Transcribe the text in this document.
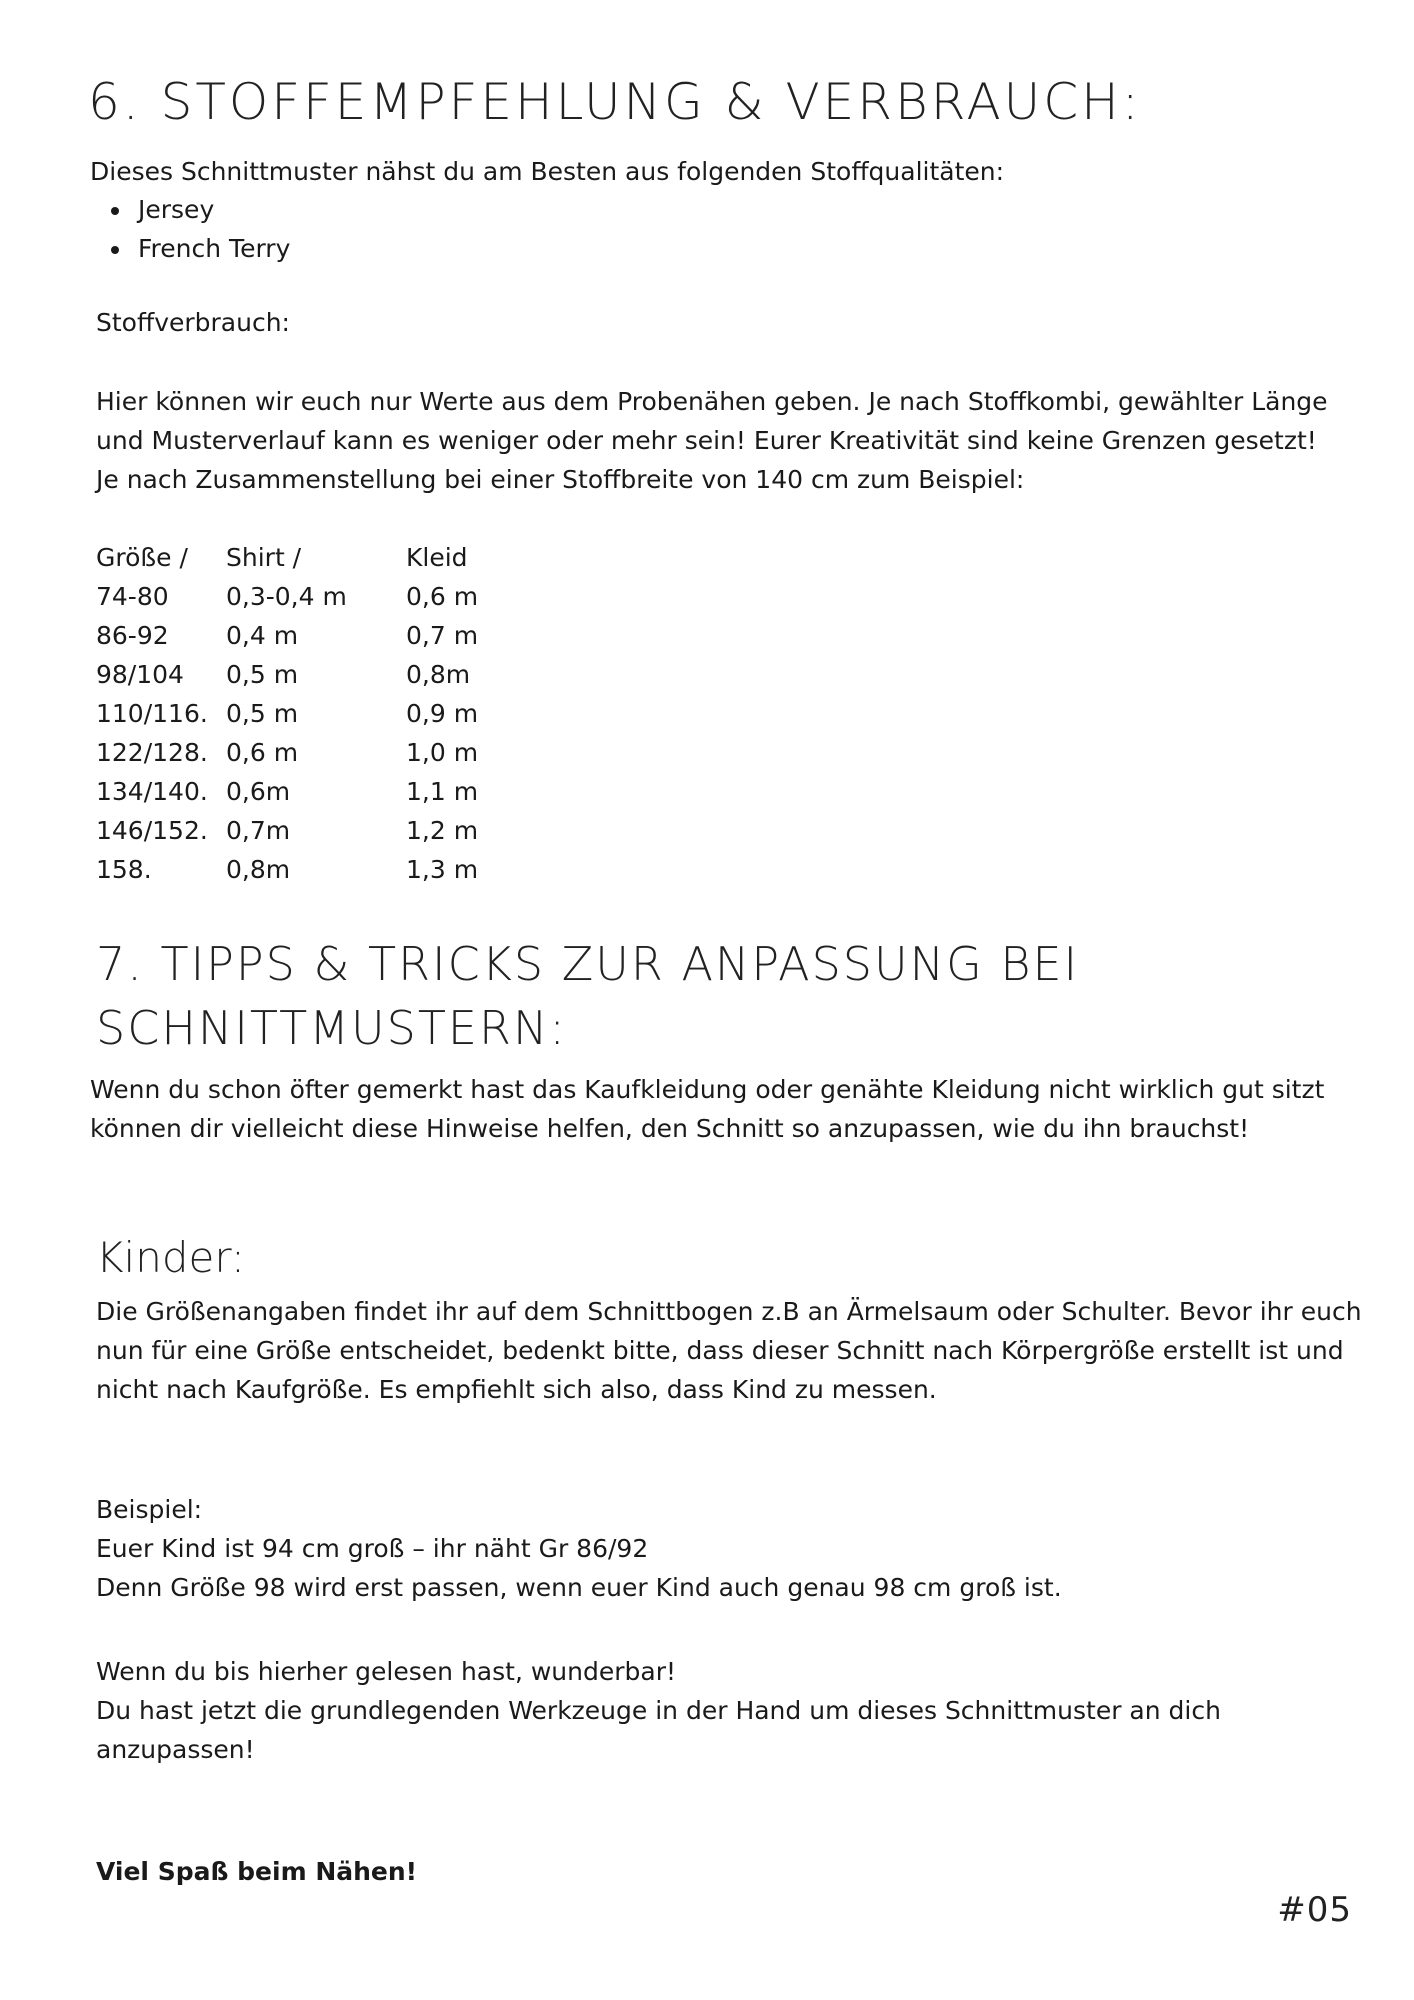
6. STOFFEMPFEHLUNG & VERBRAUCH:

Dieses Schnittmuster nähst du am Besten aus folgenden Stoffqualitäten:

Jersey
French Terry

Stoffverbrauch:

Hier können wir euch nur Werte aus dem Probenähen geben. Je nach Stoffkombi, gewählter Länge und Musterverlauf kann es weniger oder mehr sein! Eurer Kreativität sind keine Grenzen gesetzt!
Je nach Zusammenstellung bei einer Stoffbreite von 140 cm zum Beispiel:
Größe /	Shirt /	Kleid
74-80	0,3-0,4 m	0,6 m
86-92	0,4 m	0,7 m
98/104	0,5 m	0,8m
110/116.	0,5 m	0,9 m
122/128.	0,6 m	1,0 m
134/140.	0,6m	1,1 m
146/152.	0,7m	1,2 m
158.	0,8m	1,3 m
7. TIPPS & TRICKS ZUR ANPASSUNG BEI SCHNITTMUSTERN:

Wenn du schon öfter gemerkt hast das Kaufkleidung oder genähte Kleidung nicht wirklich gut sitzt können dir vielleicht diese Hinweise helfen, den Schnitt so anzupassen, wie du ihn brauchst!

Kinder:

Die Größenangaben findet ihr auf dem Schnittbogen z.B an Ärmelsaum oder Schulter. Bevor ihr euch nun für eine Größe entscheidet, bedenkt bitte, dass dieser Schnitt nach Körpergröße erstellt ist und nicht nach Kaufgröße. Es empfiehlt sich also, dass Kind zu messen.

Beispiel:
Euer Kind ist 94 cm groß – ihr näht Gr 86/92
Denn Größe 98 wird erst passen, wenn euer Kind auch genau 98 cm groß ist.
Wenn du bis hierher gelesen hast, wunderbar!
Du hast jetzt die grundlegenden Werkzeuge in der Hand um dieses Schnittmuster an dich anzupassen!

Viel Spaß beim Nähen!

#05
